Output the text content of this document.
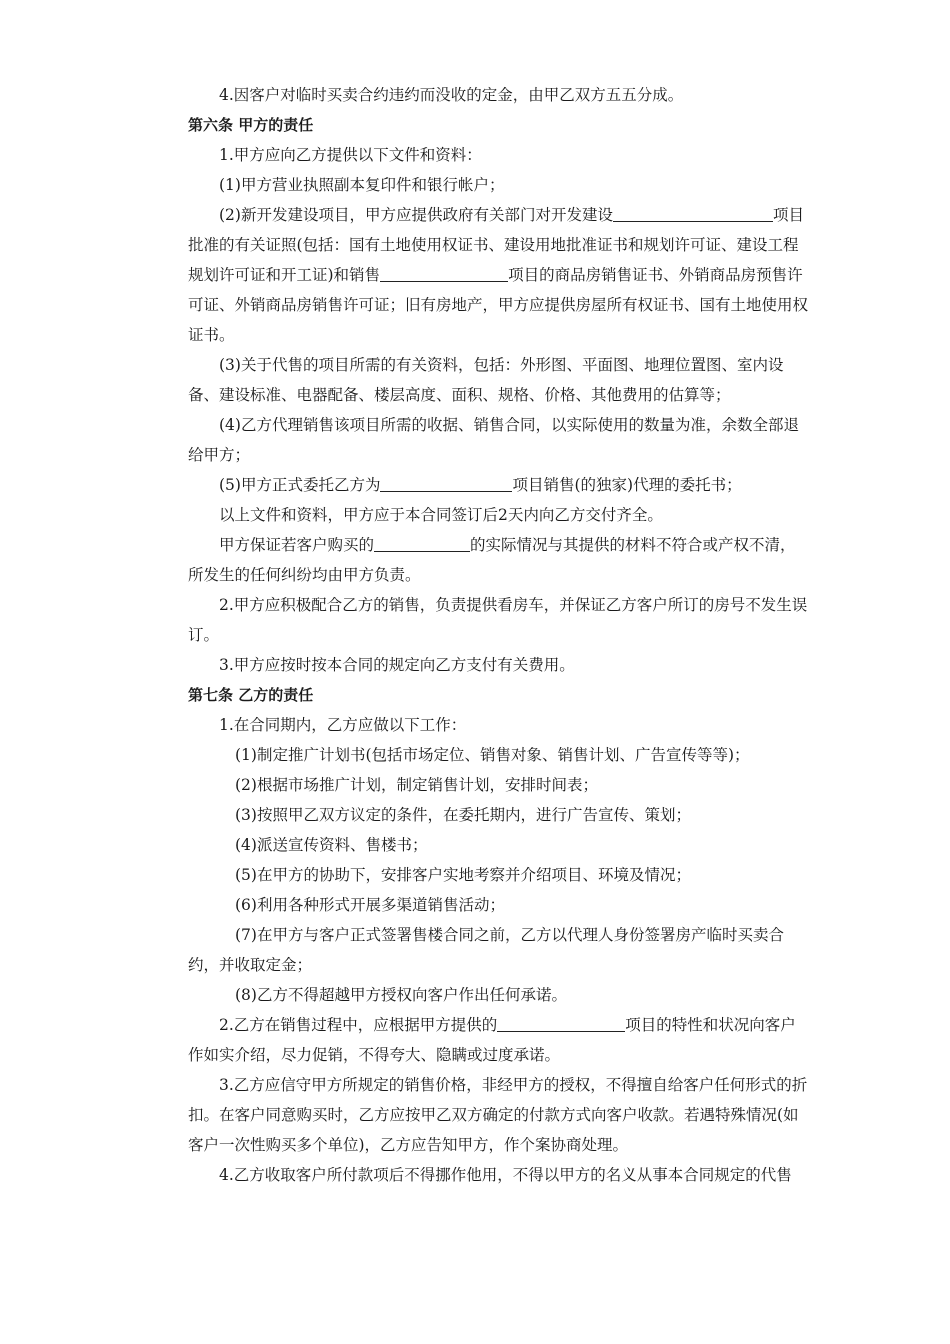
4.因客户对临时买卖合约违约而没收的定金，由甲乙双方五五分成。

第六条 甲方的责任

1.甲方应向乙方提供以下文件和资料：

(1)甲方营业执照副本复印件和银行帐户；

(2)新开发建设项目，甲方应提供政府有关部门对开发建设	项目批准的有关证照(包括：国有土地使用权证书、建设用地批准证书和规划许可证、建设工程规划许可证和开工证)和销售	项目的商品房销售证书、外销商品房预售许可证、外销商品房销售许可证；旧有房地产，甲方应提供房屋所有权证书、国有土地使用权证书。

(3)关于代售的项目所需的有关资料，包括：外形图、平面图、地理位置图、室内设备、建设标准、电器配备、楼层高度、面积、规格、价格、其他费用的估算等；

(4)乙方代理销售该项目所需的收据、销售合同，以实际使用的数量为准，余数全部退给甲方；

(5)甲方正式委托乙方为	项目销售(的独家)代理的委托书；

以上文件和资料，甲方应于本合同签订后2天内向乙方交付齐全。

甲方保证若客户购买的	的实际情况与其提供的材料不符合或产权不清，所发生的任何纠纷均由甲方负责。

2.甲方应积极配合乙方的销售，负责提供看房车，并保证乙方客户所订的房号不发生误订。

3.甲方应按时按本合同的规定向乙方支付有关费用。

第七条 乙方的责任

1.在合同期内，乙方应做以下工作：

(1)制定推广计划书(包括市场定位、销售对象、销售计划、广告宣传等等)；

(2)根据市场推广计划，制定销售计划，安排时间表；

(3)按照甲乙双方议定的条件，在委托期内，进行广告宣传、策划；

(4)派送宣传资料、售楼书；

(5)在甲方的协助下，安排客户实地考察并介绍项目、环境及情况；

(6)利用各种形式开展多渠道销售活动；

(7)在甲方与客户正式签署售楼合同之前，乙方以代理人身份签署房产临时买卖合约，并收取定金；

(8)乙方不得超越甲方授权向客户作出任何承诺。

2.乙方在销售过程中，应根据甲方提供的	项目的特性和状况向客户作如实介绍，尽力促销，不得夸大、隐瞒或过度承诺。

3.乙方应信守甲方所规定的销售价格，非经甲方的授权，不得擅自给客户任何形式的折扣。在客户同意购买时，乙方应按甲乙双方确定的付款方式向客户收款。若遇特殊情况(如客户一次性购买多个单位)，乙方应告知甲方，作个案协商处理。

4.乙方收取客户所付款项后不得挪作他用，不得以甲方的名义从事本合同规定的代售
